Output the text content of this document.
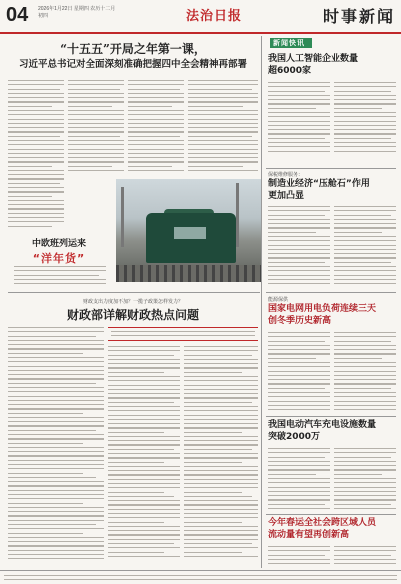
04 2026年1月22日 星期四 农历十二月初四	法治日报	时事新闻
“十五五”开局之年第一课，
习近平总书记对全面深刻准确把握四中全会精神再部署
中欧班列运来
“洋年货”
财政支出力度加不加？一揽子政策怎样发力？
财政部详解财政热点问题
新闻快讯
我国人工智能企业数量
超6000家
保税维修服务：
制造业经济“压舱石”作用
更加凸显
能源保供
国家电网用电负荷连续三天
创冬季历史新高
我国电动汽车充电设施数量
突破2000万
今年春运全社会跨区域人员
流动量有望再创新高
